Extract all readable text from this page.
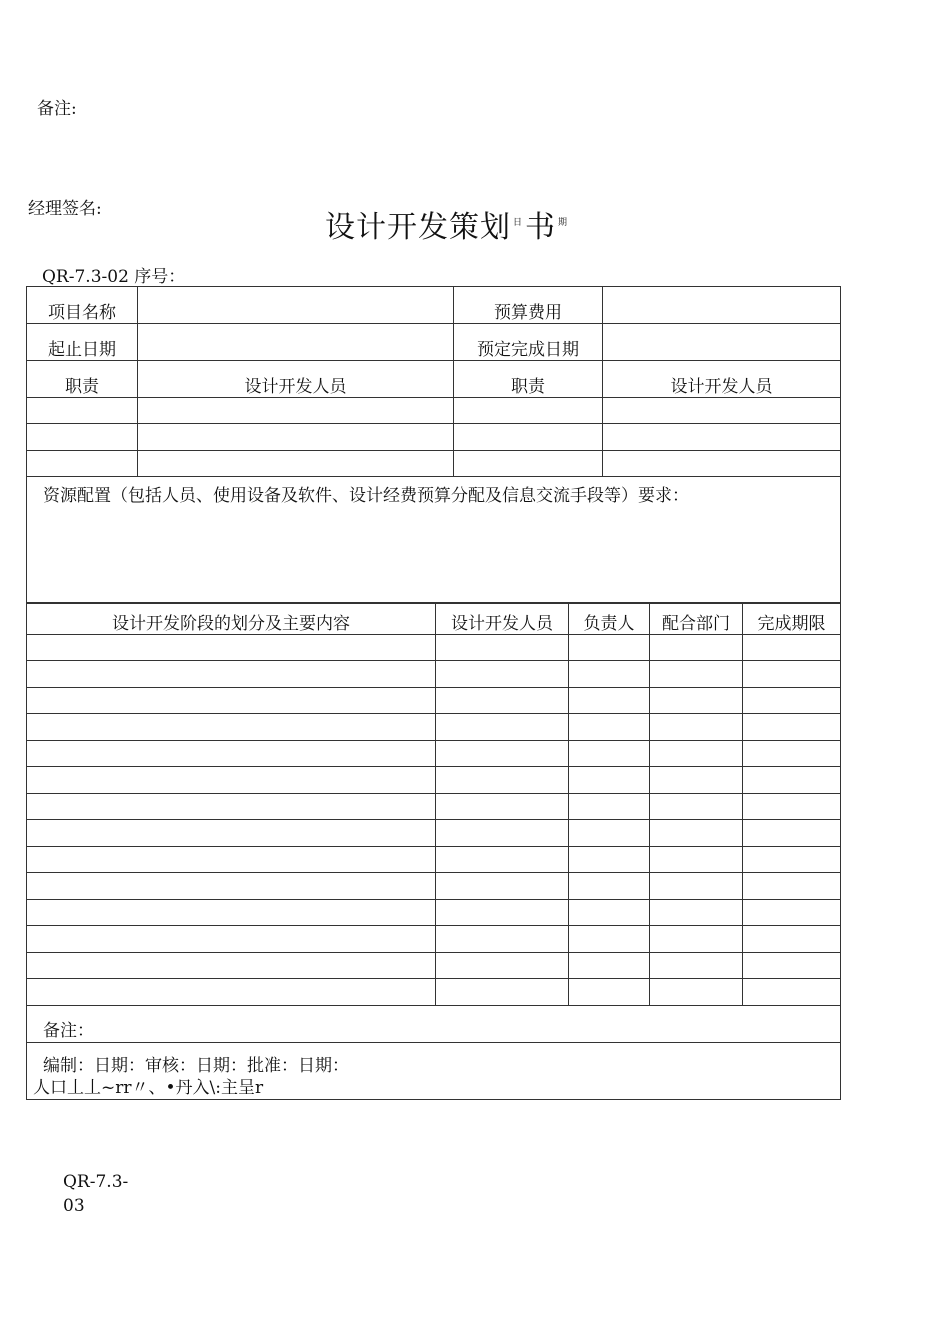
备注:
经理签名:
设计开发策划 $^日$书 $^期$
QR-7.3-02 序号：
项目名称		预算费用	
起止日期		预定完成日期	
职责	设计开发人员	职责	设计开发人员

资源配置（包括人员、使用设备及软件、设计经费预算分配及信息交流手段等）要求：			
设计开发阶段的划分及主要内容	设计开发人员	负责人	配合部门	完成期限

备注：				

编制：日期：审核：日期：批准：日期：
人口丄丄~rr〃、•丹入\:主呈r				
QR-7.3-
03
